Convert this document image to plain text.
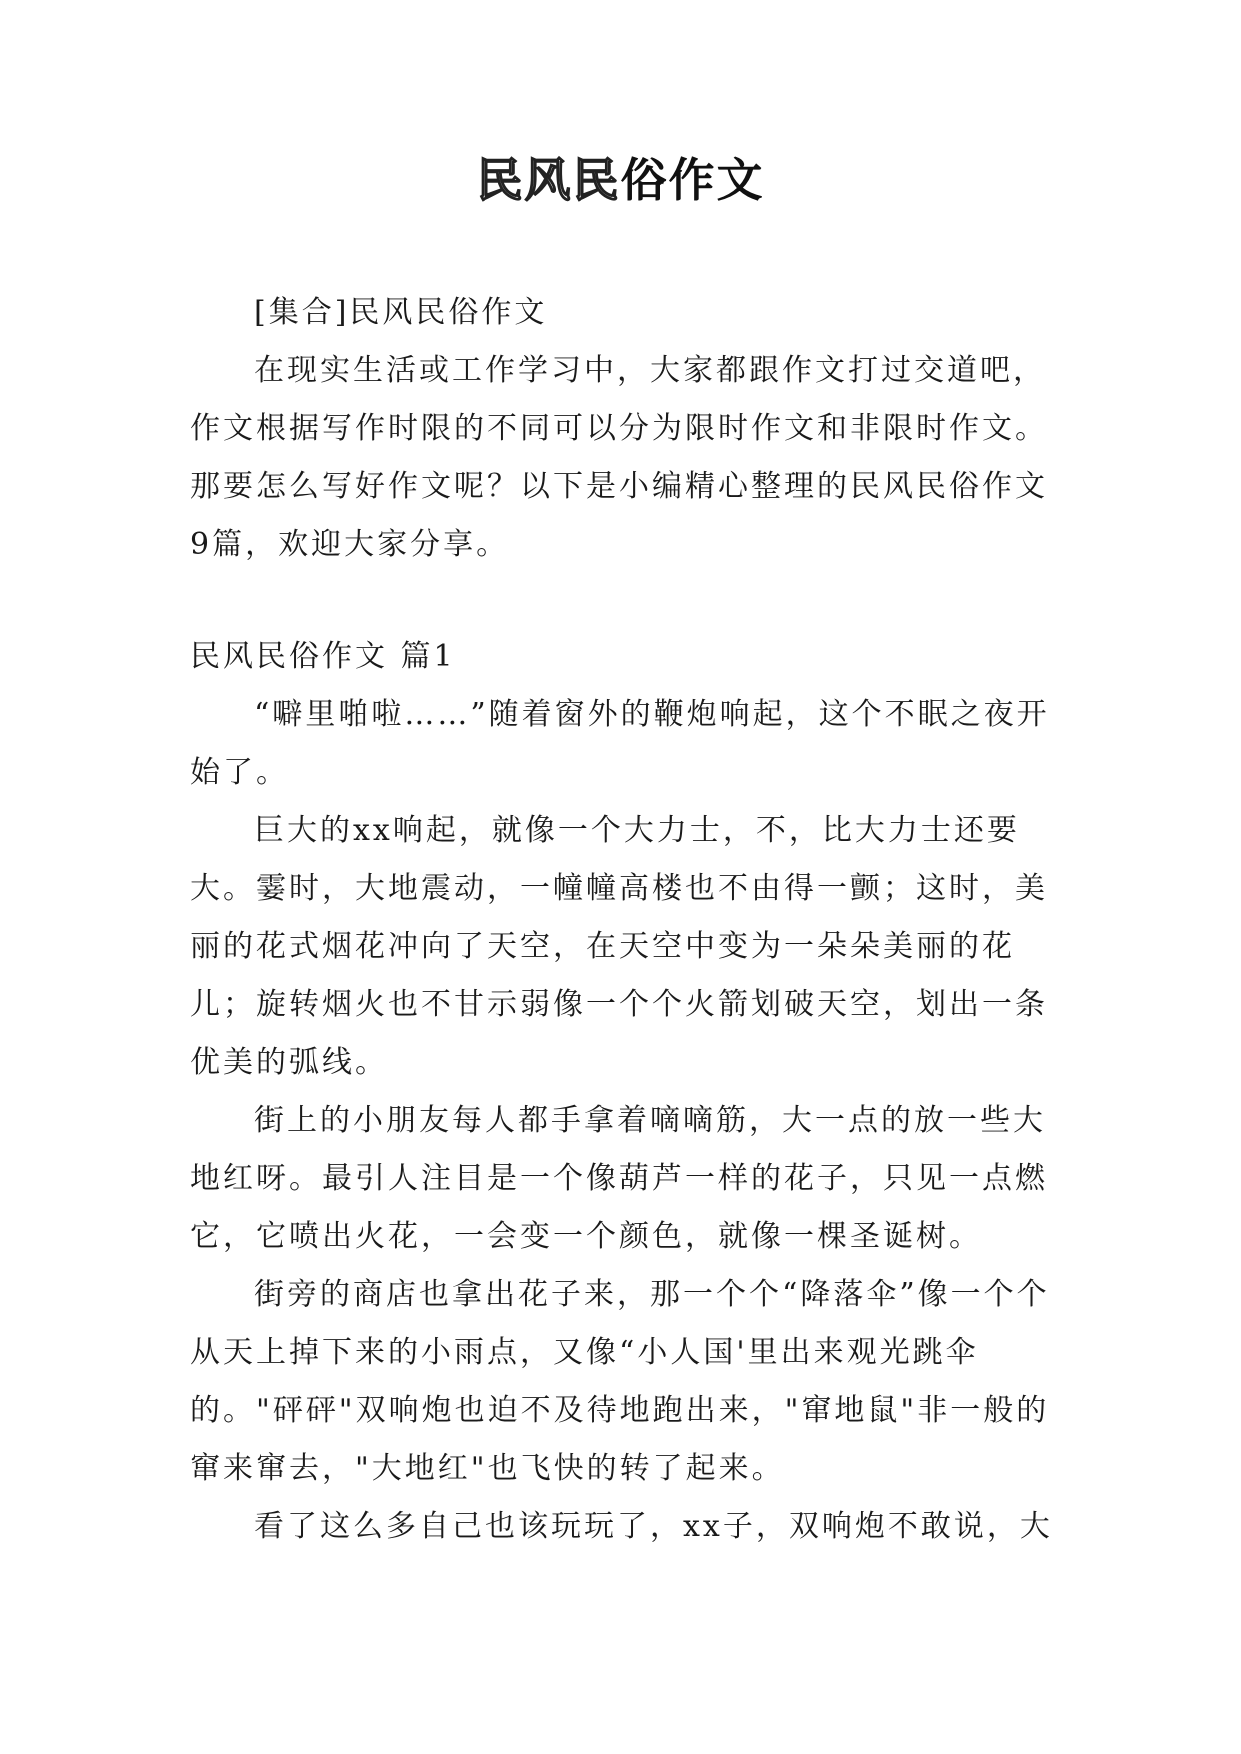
民风民俗作文

[集合]民风民俗作文

在现实生活或工作学习中，大家都跟作文打过交道吧，作文根据写作时限的不同可以分为限时作文和非限时作文。那要怎么写好作文呢？以下是小编精心整理的民风民俗作文9篇，欢迎大家分享。

民风民俗作文 篇1

“噼里啪啦……”随着窗外的鞭炮响起，这个不眠之夜开始了。

巨大的xx响起，就像一个大力士，不，比大力士还要大。霎时，大地震动，一幢幢高楼也不由得一颤；这时，美丽的花式烟花冲向了天空，在天空中变为一朵朵美丽的花儿；旋转烟火也不甘示弱像一个个火箭划破天空，划出一条优美的弧线。

街上的小朋友每人都手拿着嘀嘀筋，大一点的放一些大地红呀。最引人注目是一个像葫芦一样的花子，只见一点燃它，它喷出火花，一会变一个颜色，就像一棵圣诞树。

街旁的商店也拿出花子来，那一个个“降落伞”像一个个从天上掉下来的小雨点，又像“小人国'里出来观光跳伞的。"砰砰"双响炮也迫不及待地跑出来，"窜地鼠"非一般的窜来窜去，"大地红"也飞快的转了起来。

看了这么多自己也该玩玩了，xx子，双响炮不敢说，大
